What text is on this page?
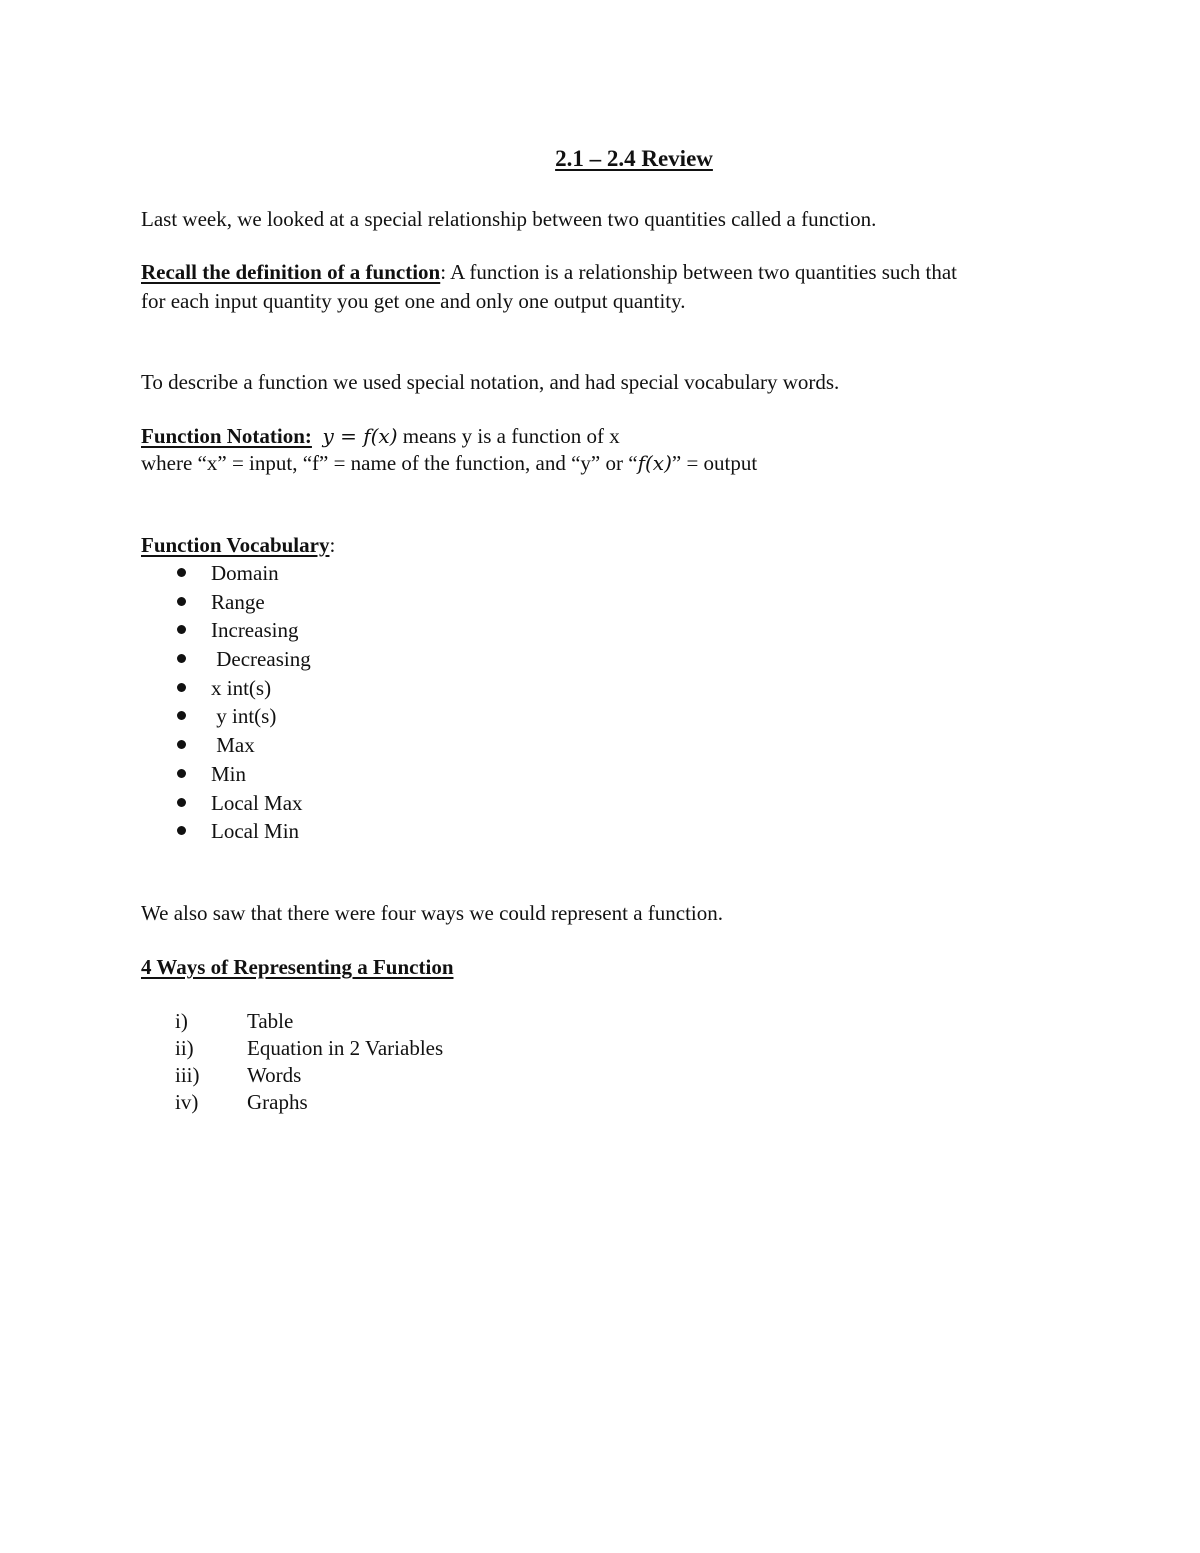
2.1 – 2.4 Review
Last week, we looked at a special relationship between two quantities called a function.
Recall the definition of a function: A function is a relationship between two quantities such that
for each input quantity you get one and only one output quantity.
To describe a function we used special notation, and had special vocabulary words.
Function Notation: y = f(x) means y is a function of x
where “x” = input, “f” = name of the function, and “y” or “f(x)” = output
Function Vocabulary:
Domain
Range
Increasing
Decreasing
x int(s)
y int(s)
Max
Min
Local Max
Local Min
We also saw that there were four ways we could represent a function.
4 Ways of Representing a Function
i)	Table
ii)	Equation in 2 Variables
iii) Words
iv) Graphs
